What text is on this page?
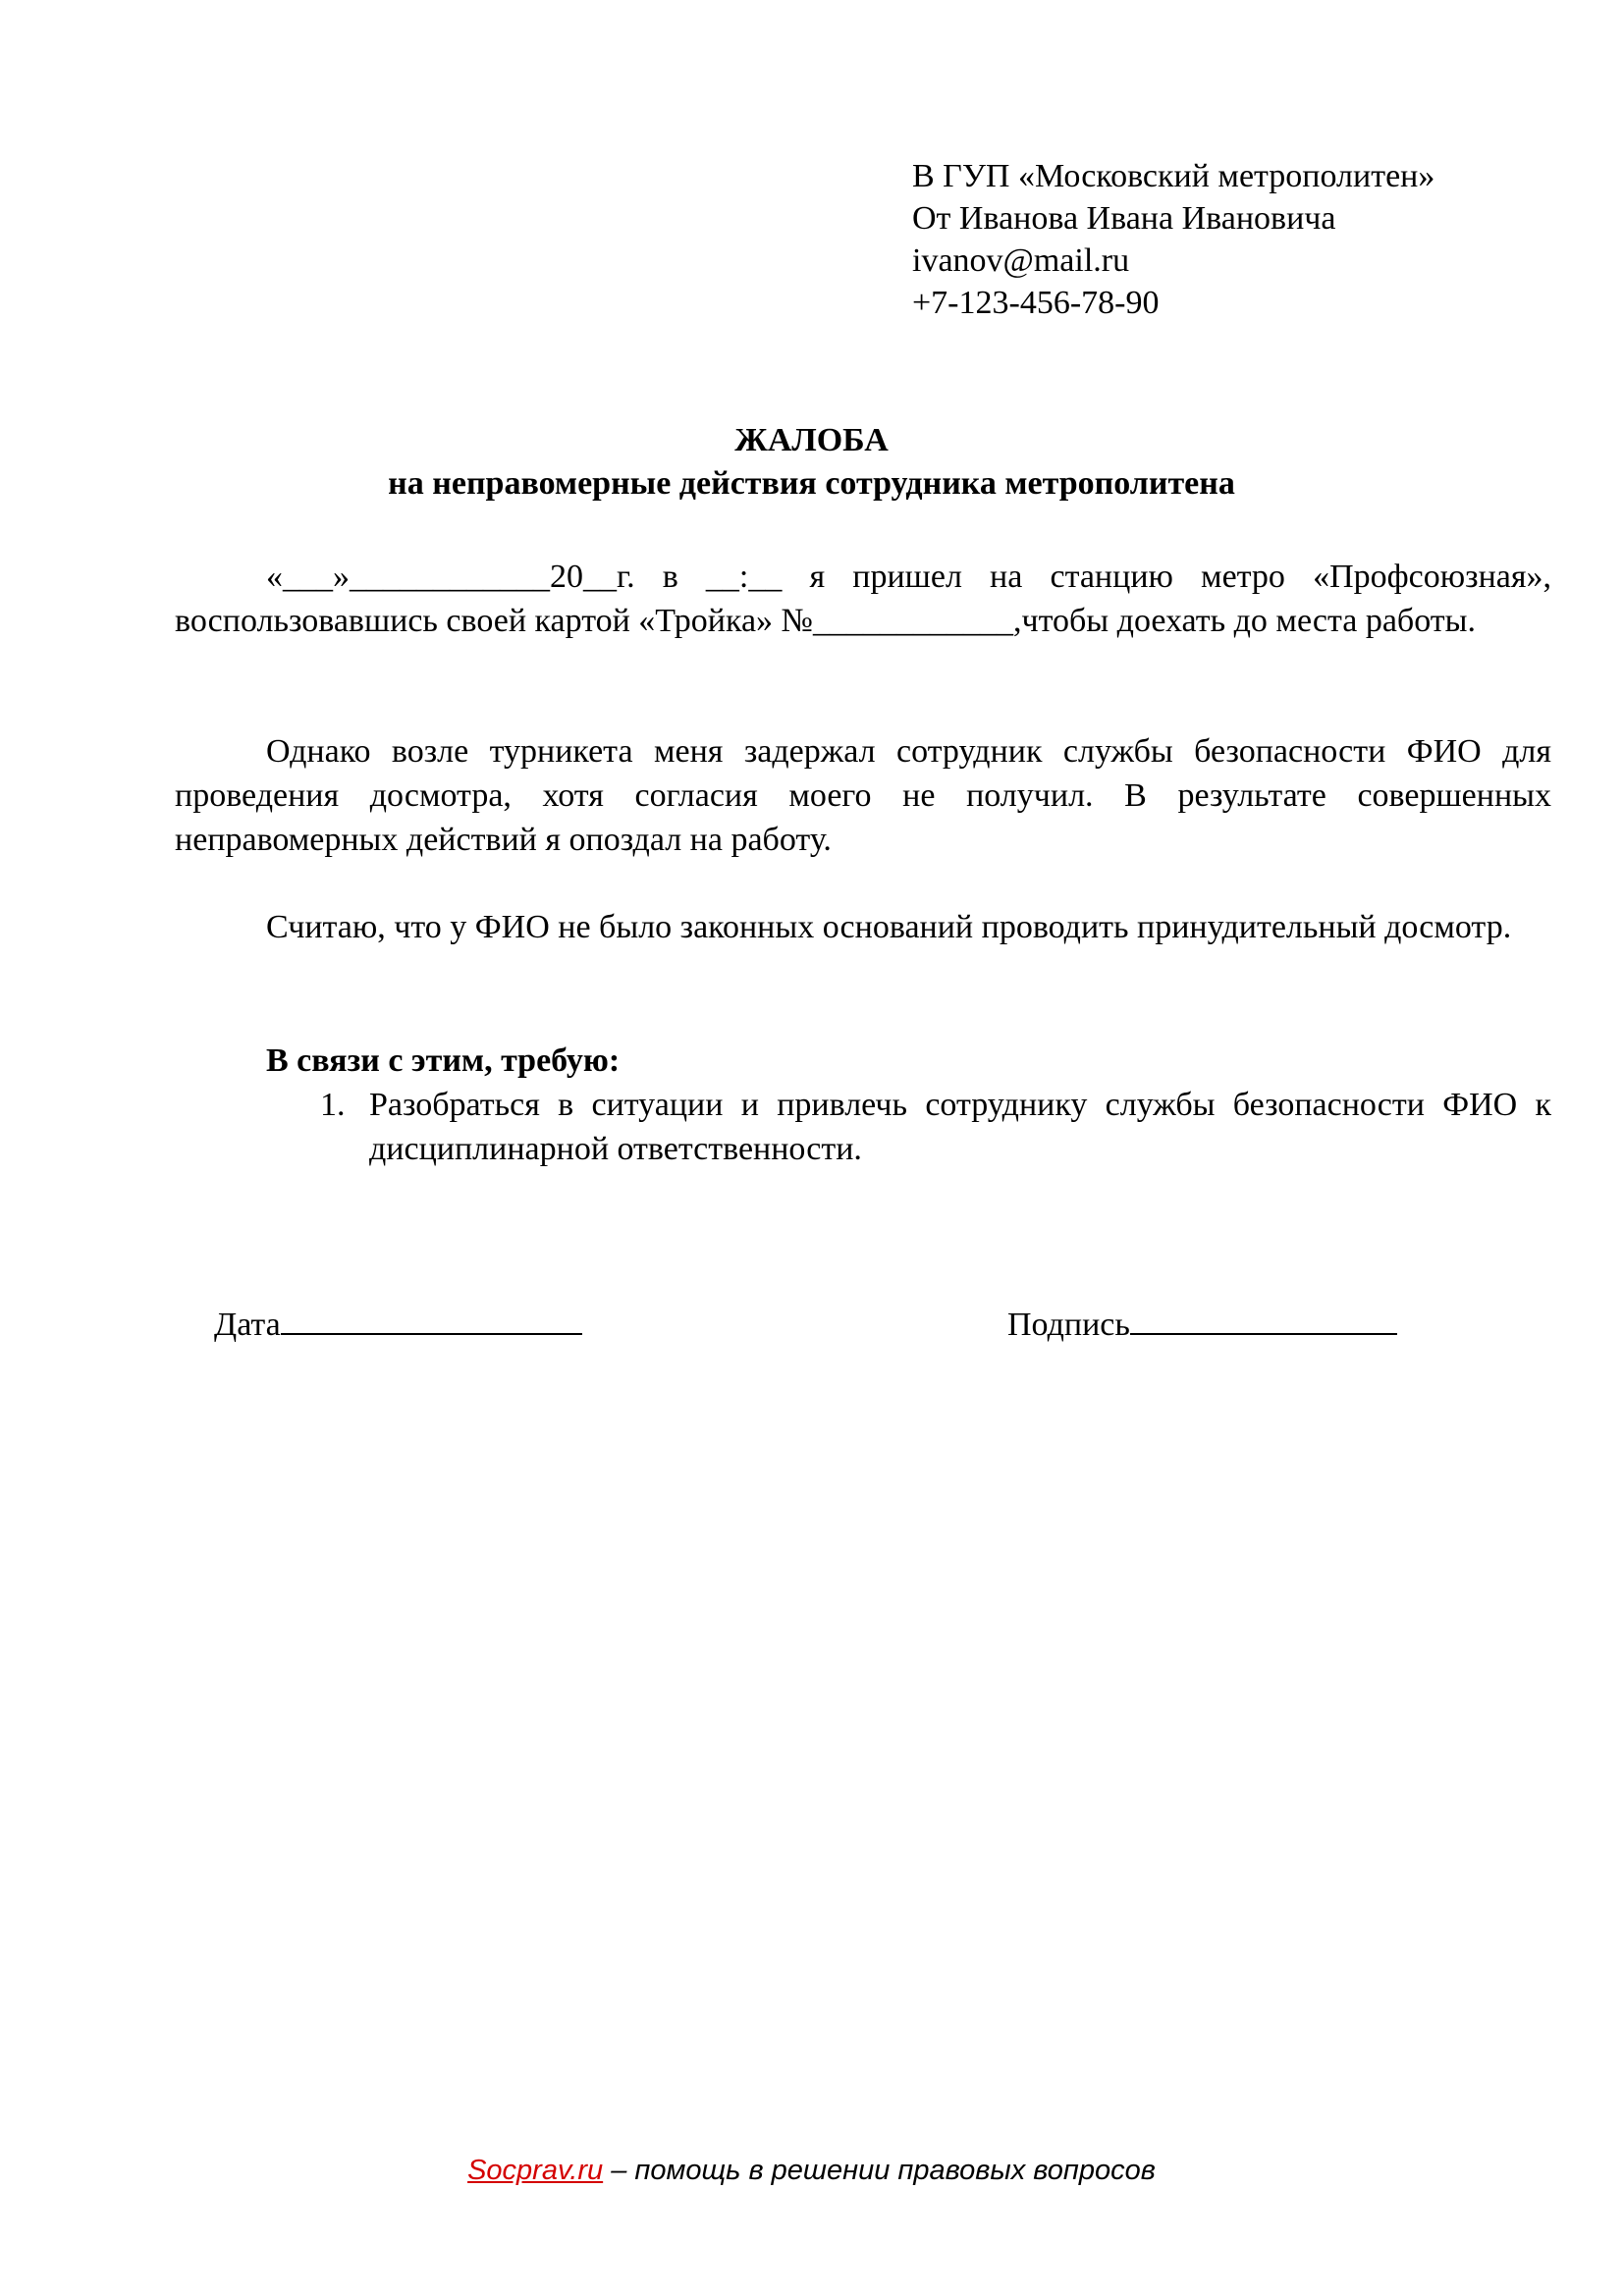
В ГУП «Московский метрополитен»
От Иванова Ивана Ивановича
ivanov@mail.ru
+7-123-456-78-90
ЖАЛОБА
на неправомерные действия сотрудника метрополитена
«___»____________20__г. в __:__ я пришел на станцию метро «Профсоюзная», воспользовавшись своей картой «Тройка» №____________,чтобы доехать до места работы.
Однако возле турникета меня задержал сотрудник службы безопасности ФИО для проведения досмотра, хотя согласия моего не получил. В результате совершенных неправомерных действий я опоздал на работу.
Считаю, что у ФИО не было законных оснований проводить принудительный досмотр.
В связи с этим, требую:
1. Разобраться в ситуации и привлечь сотруднику службы безопасности ФИО к дисциплинарной ответственности.
Дата	Подпись
Socprav.ru – помощь в решении правовых вопросов
